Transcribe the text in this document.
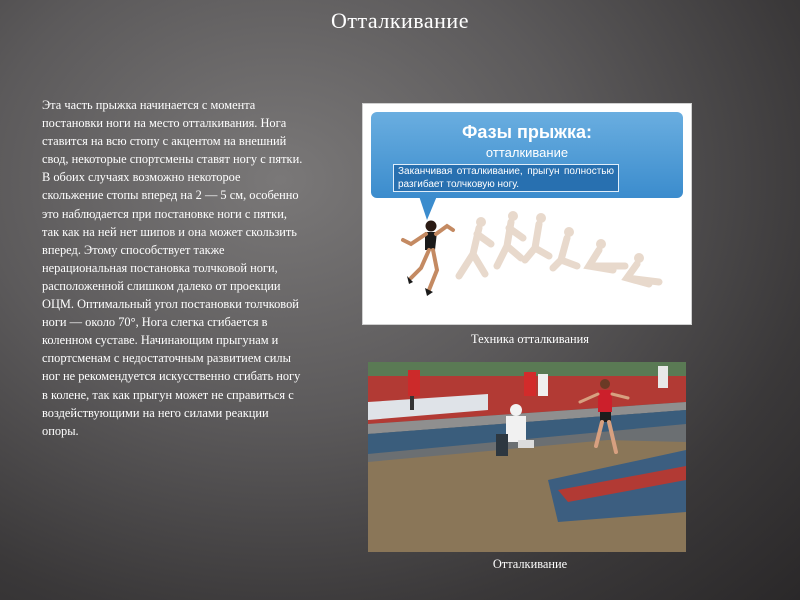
Отталкивание
Эта часть прыжка начинается с момента постановки ноги на место отталкивания. Нога ставится на всю стопу с акцентом на внешний свод, некоторые спортсмены ставят ногу с пятки. В обоих случаях возможно некоторое скольжение стопы вперед на 2 — 5 см, особенно это наблюдается при постановке ноги с пятки, так как на ней нет шипов и она может скользить вперед. Этому способствует также нерациональная постановка толчковой ноги, расположенной слишком далеко от проекции ОЦМ. Оптимальный угол постановки толчковой ноги — около 70°, Нога слегка сгибается в коленном суставе. Начинающим прыгунам и спортсменам с недостаточным развитием силы ног не рекомендуется искусственно сгибать ногу в колене, так как прыгун может не справиться с воздействующими на него силами реакции опоры.
Фазы прыжка:
отталкивание
Заканчивая отталкивание, прыгун полностью разгибает толчковую ногу.
Техника отталкивания
Отталкивание
